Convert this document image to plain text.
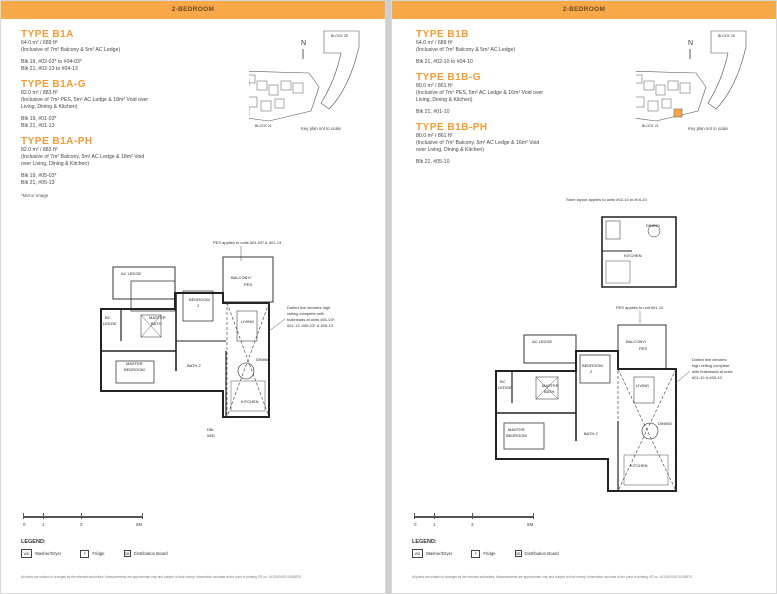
2-BEDROOM
TYPE B1A
64.0 m² / 689 ft²
(Inclusive of 7m² Balcony & 5m² AC Ledge)
Blk 19, #02-03* to #04-03*
Blk 21, #02-13 to #04-13
TYPE B1A-G
82.0 m² / 883 ft²
(Inclusive of 7m² PES, 5m² AC Ledge & 18m² Void over
Living, Dining & Kitchen)
Blk 19, #01-03*
Blk 21, #01-13
TYPE B1A-PH
82.0 m² / 883 ft²
(Inclusive of 7m² Balcony, 5m² AC Ledge & 18m² Void
over Living, Dining & Kitchen)
Blk 19, #05-03*
Blk 21, #05-13
*Mirror Image
N
BLOCK 28
BLOCK 21	Key plan not to scale
PES applies to units #01-03* & #01-13
AC LEDGE
BALCONY/
PES
BEDROOM
2
LIVING
MASTER
BATH
BC
LEDGE
MASTER
BEDROOM
BATH 2
DINING
KITCHEN
DB/
W/D
Dotted line denotes high
ceiling complete with
bulkheads at units #01-03*,
#01-13, #05-03* & #05-13
0	1	3	6M
LEGEND:
WD	Washer/Dryer	F	Fridge	DB Distribution Board
All plans are subject to changes by the relevant authorities. Measurements are approximate only and subject to final survey. Information accurate at the point of printing. BT no. A1124/04/01 0018/BT0
2-BEDROOM
TYPE B1B
64.0 m² / 689 ft²
(Inclusive of 7m² Balcony & 5m² AC Ledge)
Blk 21, #02-10 to #04-10
TYPE B1B-G
80.0 m² / 861 ft²
(Inclusive of 7m² PES, 5m² AC Ledge & 16m² Void over
Living, Dining & Kitchen)
Blk 21, #01-10
TYPE B1B-PH
80.0 m² / 861 ft²
(Inclusive of 7m² Balcony, 5m² AC Ledge & 16m² Void
over Living, Dining & Kitchen)
Blk 21, #05-10
N
BLOCK 28
BLOCK 21	Key plan not to scale
Store layout applies to units #02-10 to #04-10
DINING
KITCHEN
PES applies to unit #01-10
AC LEDGE	BALCONY/
PES
BEDROOM
2
LIVING
BC
LEDGE	MASTER
BATH
MASTER
BEDROOM	BATH 2
DINING
KITCHEN
Dotted line denotes
high ceiling complete
with bulkheads at units
#01-10 & #05-10
0	1	3	6M
LEGEND:
WD	Washer/Dryer	F	Fridge	DB Distribution Board
All plans are subject to changes by the relevant authorities. Measurements are approximate only and subject to final survey. Information accurate at the point of printing. BT no. A1124/04/01 0018/BT0
